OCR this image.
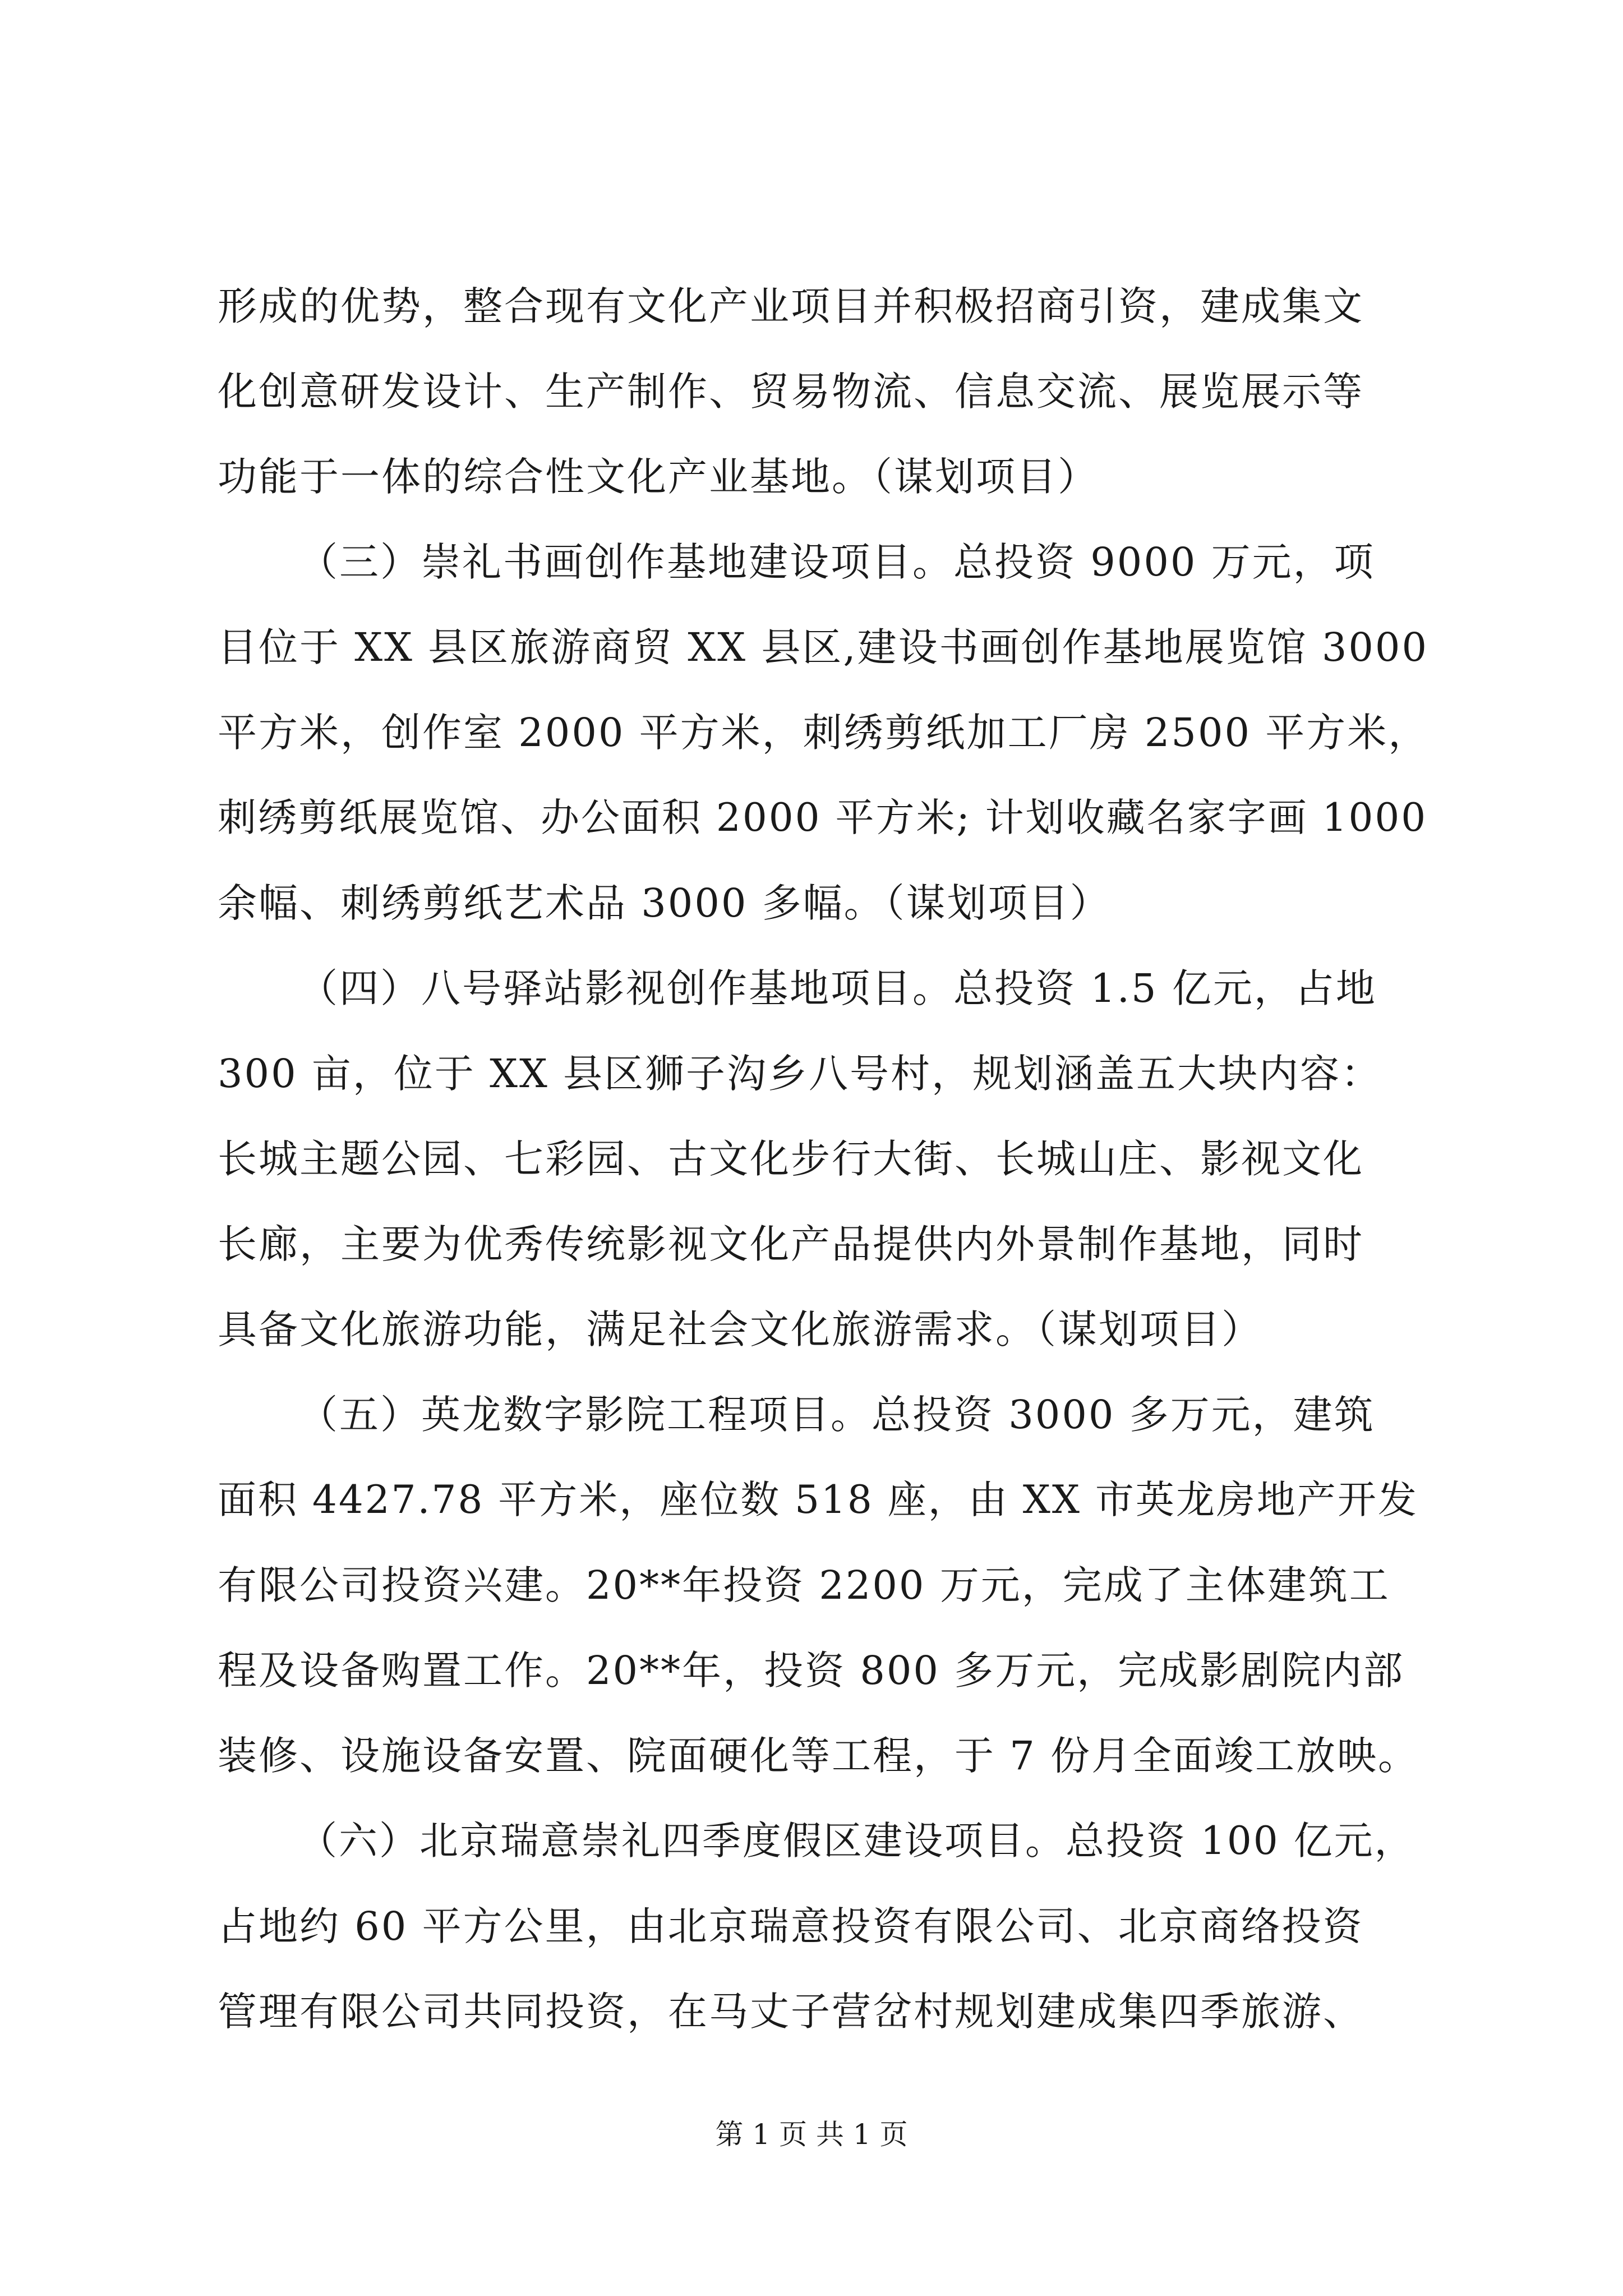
形成的优势，整合现有文化产业项目并积极招商引资，建成集文
化创意研发设计、生产制作、贸易物流、信息交流、展览展示等
功能于一体的综合性文化产业基地。（谋划项目）
（三）崇礼书画创作基地建设项目。总投资 9000 万元，项
目位于 XX 县区旅游商贸 XX 县区,建设书画创作基地展览馆 3000
平方米，创作室 2000 平方米，刺绣剪纸加工厂房 2500 平方米，
刺绣剪纸展览馆、办公面积 2000 平方米; 计划收藏名家字画 1000
余幅、刺绣剪纸艺术品 3000 多幅。（谋划项目）
（四）八号驿站影视创作基地项目。总投资 1.5 亿元，占地
300 亩，位于 XX 县区狮子沟乡八号村，规划涵盖五大块内容：
长城主题公园、七彩园、古文化步行大街、长城山庄、影视文化
长廊，主要为优秀传统影视文化产品提供内外景制作基地，同时
具备文化旅游功能，满足社会文化旅游需求。（谋划项目）
（五）英龙数字影院工程项目。总投资 3000 多万元，建筑
面积 4427.78 平方米，座位数 518 座，由 XX 市英龙房地产开发
有限公司投资兴建。20**年投资 2200 万元，完成了主体建筑工
程及设备购置工作。20**年，投资 800 多万元，完成影剧院内部
装修、设施设备安置、院面硬化等工程，于 7 份月全面竣工放映。
（六）北京瑞意崇礼四季度假区建设项目。总投资 100 亿元，
占地约 60 平方公里，由北京瑞意投资有限公司、北京商络投资
管理有限公司共同投资，在马丈子营岔村规划建成集四季旅游、
第 1 页 共 1 页
